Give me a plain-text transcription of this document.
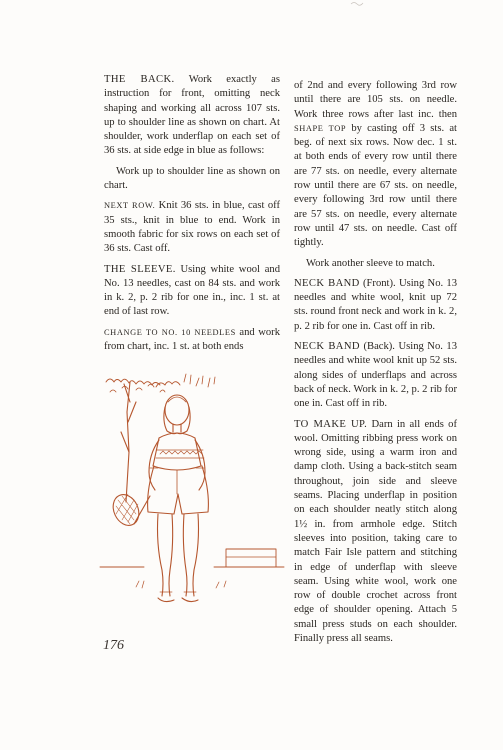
THE BACK. Work exactly as instruction for front, omitting neck shaping and working all across 107 sts. up to shoulder line as shown on chart. At shoulder, work underflap on each set of 36 sts. at side edge in blue as follows:

Work up to shoulder line as shown on chart.

NEXT ROW. Knit 36 sts. in blue, cast off 35 sts., knit in blue to end. Work in smooth fabric for six rows on each set of 36 sts. Cast off.

THE SLEEVE. Using white wool and No. 13 needles, cast on 84 sts. and work in k. 2, p. 2 rib for one in., inc. 1 st. at end of last row.

CHANGE TO NO. 10 NEEDLES and work from chart, inc. 1 st. at both ends

of 2nd and every following 3rd row until there are 105 sts. on needle. Work three rows after last inc. then SHAPE TOP by casting off 3 sts. at beg. of next six rows. Now dec. 1 st. at both ends of every row until there are 77 sts. on needle, every alternate row until there are 67 sts. on needle, every following 3rd row until there are 57 sts. on needle, every alternate row until 47 sts. on needle. Cast off tightly.

Work another sleeve to match.

NECK BAND (Front). Using No. 13 needles and white wool, knit up 72 sts. round front neck and work in k. 2, p. 2 rib for one in. Cast off in rib.

NECK BAND (Back). Using No. 13 needles and white wool knit up 52 sts. along sides of underflaps and across back of neck. Work in k. 2, p. 2 rib for one in. Cast off in rib.

TO MAKE UP. Darn in all ends of wool. Omitting ribbing press work on wrong side, using a warm iron and damp cloth. Using a back-stitch seam throughout, join side and sleeve seams. Placing underflap in position on each shoulder neatly stitch along 1½ in. from armhole edge. Stitch sleeves into position, taking care to match Fair Isle pattern and stitching in edge of underflap with sleeve seam. Using white wool, work one row of double crochet across front edge of shoulder opening. Attach 5 small press studs on each shoulder. Finally press all seams.

176
